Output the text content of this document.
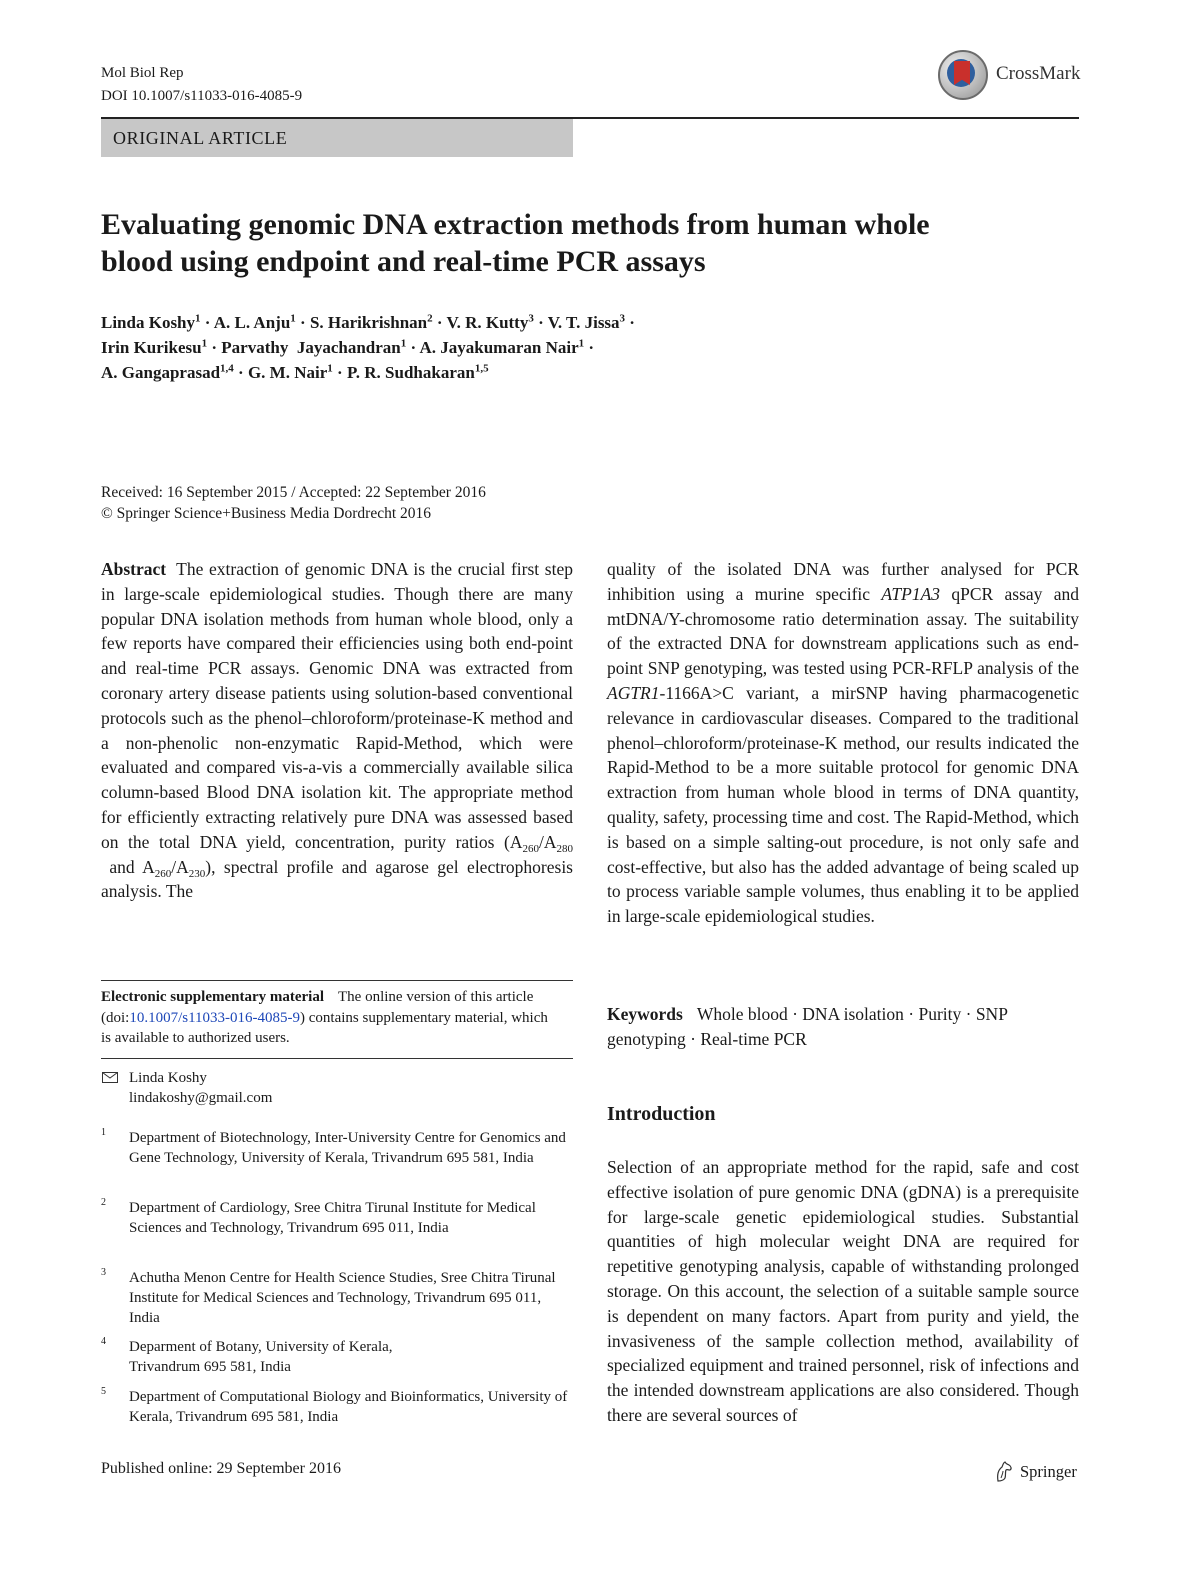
Mol Biol Rep
DOI 10.1007/s11033-016-4085-9
CrossMark
ORIGINAL ARTICLE
Evaluating genomic DNA extraction methods from human whole
blood using endpoint and real-time PCR assays
Linda Koshy$^1$ · A. L. Anju$^1$ · S. Harikrishnan$^2$ · V. R. Kutty$^3$ · V. T. Jissa$^3$ ·
Irin Kurikesu$^1$ · Parvathy  Jayachandran$^1$ · A. Jayakumaran Nair$^1$ ·
A. Gangaprasad$^{1,4}$ · G. M. Nair$^1$ · P. R. Sudhakaran$^{1,5}$
Received: 16 September 2015 / Accepted: 22 September 2016
© Springer Science+Business Media Dordrecht 2016
Abstract The extraction of genomic DNA is the crucial first step in large-scale epidemiological studies. Though there are many popular DNA isolation methods from human whole blood, only a few reports have compared their efficiencies using both end-point and real-time PCR assays. Genomic DNA was extracted from coronary artery disease patients using solution-based conventional protocols such as the phenol–chloroform/proteinase-K method and a non-phenolic non-enzymatic Rapid-Method, which were evaluated and compared vis-a-vis a commercially available silica column-based Blood DNA isolation kit. The appropriate method for efficiently extracting relatively pure DNA was assessed based on the total DNA yield, concentration, purity ratios ($A_{260}/A_{280}$ and $A_{260}/A_{230}$), spectral profile and agarose gel electrophoresis analysis. The
Electronic supplementary material The online version of this article (doi:10.1007/s11033-016-4085-9) contains supplementary material, which is available to authorized users.
Linda Koshy
lindakoshy@gmail.com
1 Department of Biotechnology, Inter-University Centre for Genomics and Gene Technology, University of Kerala, Trivandrum 695 581, India
2 Department of Cardiology, Sree Chitra Tirunal Institute for Medical Sciences and Technology, Trivandrum 695 011, India
3 Achutha Menon Centre for Health Science Studies, Sree Chitra Tirunal Institute for Medical Sciences and Technology, Trivandrum 695 011, India
4 Deparment of Botany, University of Kerala, Trivandrum 695 581, India
5 Department of Computational Biology and Bioinformatics, University of Kerala, Trivandrum 695 581, India
quality of the isolated DNA was further analysed for PCR inhibition using a murine specific ATP1A3 qPCR assay and mtDNA/Y-chromosome ratio determination assay. The suitability of the extracted DNA for downstream applications such as end-point SNP genotyping, was tested using PCR-RFLP analysis of the AGTR1-1166A>C variant, a mirSNP having pharmacogenetic relevance in cardiovascular diseases. Compared to the traditional phenol–chloroform/proteinase-K method, our results indicated the Rapid-Method to be a more suitable protocol for genomic DNA extraction from human whole blood in terms of DNA quantity, quality, safety, processing time and cost. The Rapid-Method, which is based on a simple salting-out procedure, is not only safe and cost-effective, but also has the added advantage of being scaled up to process variable sample volumes, thus enabling it to be applied in large-scale epidemiological studies.
Keywords Whole blood · DNA isolation · Purity · SNP genotyping · Real-time PCR
Introduction
Selection of an appropriate method for the rapid, safe and cost effective isolation of pure genomic DNA (gDNA) is a prerequisite for large-scale genetic epidemiological studies. Substantial quantities of high molecular weight DNA are required for repetitive genotyping analysis, capable of withstanding prolonged storage. On this account, the selection of a suitable sample source is dependent on many factors. Apart from purity and yield, the invasiveness of the sample collection method, availability of specialized equipment and trained personnel, risk of infections and the intended downstream applications are also considered. Though there are several sources of
Published online: 29 September 2016	Springer
